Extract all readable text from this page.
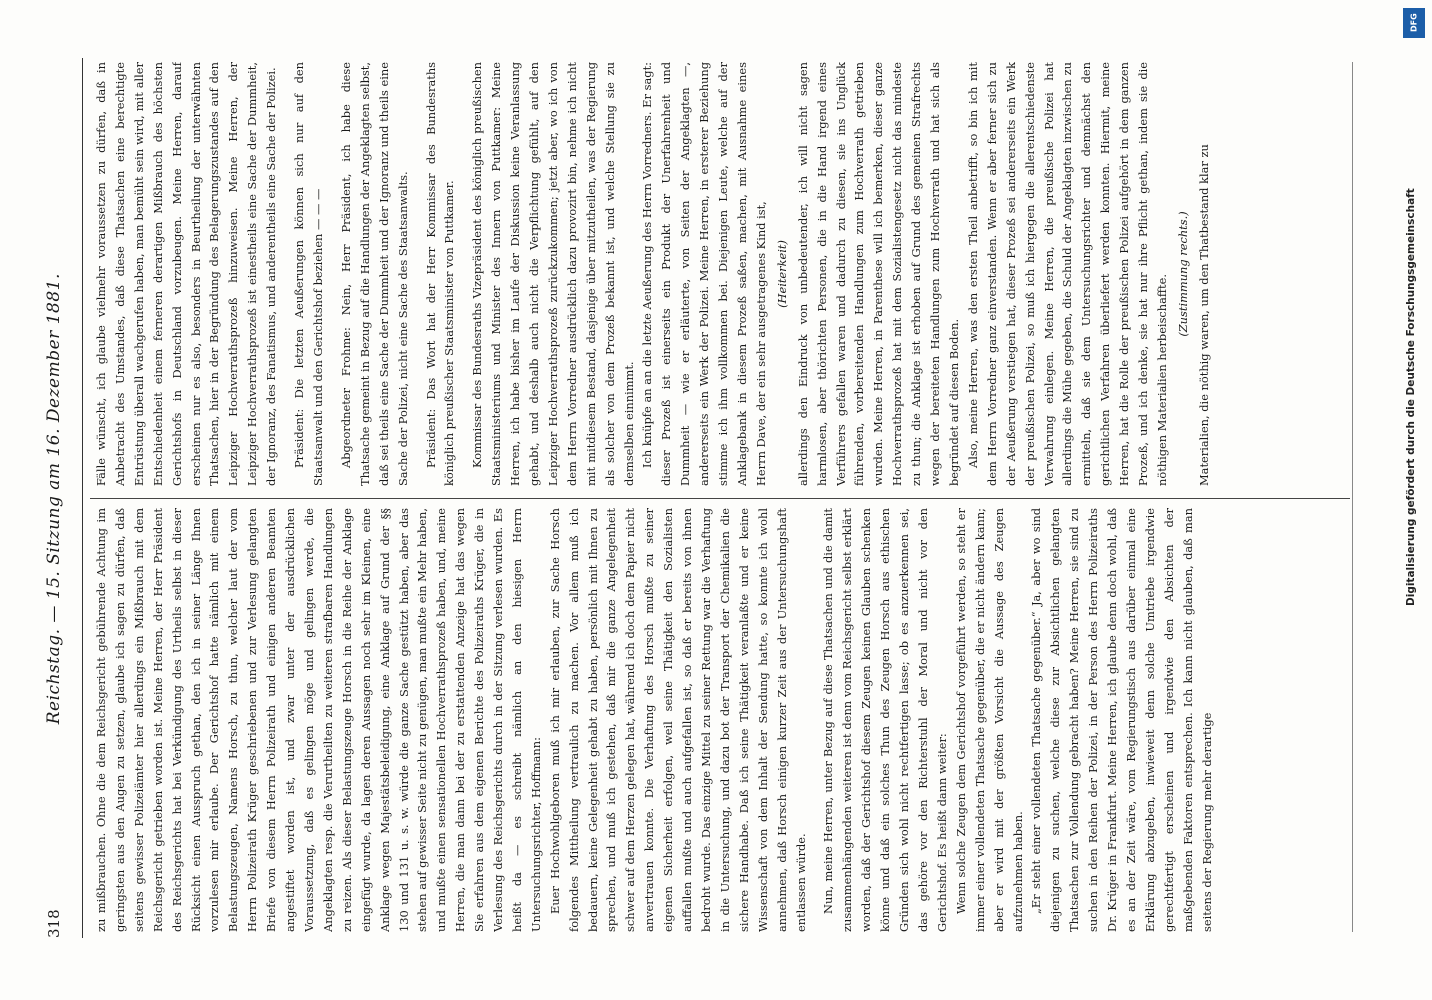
318
Reichstag. — 15. Sitzung am 16. Dezember 1881.	zu mißbrauchen. Ohne die dem Reichsgericht gebührende Achtung im geringsten aus den Augen zu setzen, glaube ich sagen zu dürfen, daß seitens gewisser Polizeiämter hier allerdings ein Mißbrauch mit dem Reichsgericht getrieben worden ist. Meine Herren, der Herr Präsident des Reichsgerichts hat bei Verkündigung des Urtheils selbst in dieser Rücksicht einen Ausspruch gethan, den ich in seiner Länge Ihnen vorzulesen mir erlaube. Der Gerichtshof hatte nämlich mit einem Belastungszeugen, Namens Horsch, zu thun, welcher laut der vom Herrn Polizeirath Krüger geschriebenen und zur Verlesung gelangten Briefe von diesem Herrn Polizeirath und einigen anderen Beamten angestiftet worden ist, und zwar unter der ausdrücklichen Voraussetzung, daß es gelingen möge und gelingen werde, die Angeklagten resp. die Verurtheilten zu weiteren strafbaren Handlungen zu reizen. Als dieser Belastungszeuge Horsch in die Reihe der Anklage eingefügt wurde, da lagen deren Aussagen noch sehr im Kleinen, eine Anklage wegen Majestätsbeleidigung, eine Anklage auf Grund der §§ 130 und 131 u. s. w. würde die ganze Sache gestützt haben, aber das stehen auf gewisser Seite nicht zu genügen, man mußte ein Mehr haben, und mußte einen sensationellen Hochverrathsprozeß haben, und, meine Herren, die man dann bei der zu erstattenden Anzeige hat das wegen Sie erfahren aus dem eigenen Berichte des Polizeiraths Krüger, die in Verlesung des Reichsgerichts durch in der Sitzung verlesen wurden. Es heißt da — es schreibt nämlich an den hiesigen Herrn Untersuchungsrichter, Hoffmann: Euer Hochwohlgeboren muß ich mir erlauben, zur Sache Horsch folgendes Mittheilung vertraulich zu machen. Vor allem muß ich bedauern, keine Gelegenheit gehabt zu haben, persönlich mit Ihnen zu sprechen, und muß ich gestehen, daß mir die ganze Angelegenheit schwer auf dem Herzen gelegen hat, während ich doch dem Papier nicht anvertrauen konnte. Die Verhaftung des Horsch mußte zu seiner eigenen Sicherheit erfolgen, weil seine Thätigkeit den Sozialisten auffallen mußte und auch aufgefallen ist, so daß er bereits von ihnen bedroht wurde. Das einzige Mittel zu seiner Rettung war die Verhaftung in die Untersuchung, und dazu bot der Transport der Chemikalien die sichere Handhabe. Daß ich seine Thätigkeit veranlaßte und er keine Wissenschaft von dem Inhalt der Sendung hatte, so konnte ich wohl annehmen, daß Horsch einigen kurzer Zeit aus der Untersuchungshaft entlassen würde. Nun, meine Herren, unter Bezug auf diese Thatsachen und die damit zusammenhängenden weiteren ist denn vom Reichsgericht selbst erklärt worden, daß der Gerichtshof diesem Zeugen keinen Glauben schenken könne und daß ein solches Thun des Zeugen Horsch aus ethischen Gründen sich wohl nicht rechtfertigen lasse; ob es anzuerkennen sei, das gehöre vor den Richterstuhl der Moral und nicht vor den Gerichtshof. Es heißt dann weiter: Wenn solche Zeugen dem Gerichtshof vorgeführt werden, so steht er immer einer vollendeten Thatsache gegenüber, die er nicht ändern kann; aber er wird mit der größten Vorsicht die Aussage des Zeugen aufzunehmen haben. „Er steht einer vollendeten Thatsache gegenüber.“ Ja, aber wo sind diejenigen zu suchen, welche diese zur Absichtlichen gelangten Thatsachen zur Vollendung gebracht haben? Meine Herren, sie sind zu suchen in den Reihen der Polizei, in der Person des Herrn Polizeiraths Dr. Krüger in Frankfurt. Meine Herren, ich glaube denn doch wohl, daß es an der Zeit wäre, vom Regierungstisch aus darüber einmal eine Erklärung abzugeben, inwieweit denn solche Umtriebe irgendwie gerechtfertigt erscheinen und irgendwie den Absichten der maßgebenden Faktoren entsprechen. Ich kann nicht glauben, daß man seitens der Regierung mehr derartige

Fälle wünscht, ich glaube vielmehr voraussetzen zu dürfen, daß in Anbetracht des Umstandes, daß diese Thatsachen eine berechtigte Entrüstung überall wachgerufen haben, man bemüht sein wird, mit aller Entschiedenheit einem ferneren derartigen Mißbrauch des höchsten Gerichtshofs in Deutschland vorzubeugen. Meine Herren, darauf erscheinen nur es also, besonders in Beurtheilung der unterwähnten Thatsachen, hier in der Begründung des Belagerungszustandes auf den Leipziger Hochverrathsprozeß hinzuweisen. Meine Herren, der Leipziger Hochverrathsprozeß ist einestheils eine Sache der Dummheit, der Ignoranz, des Fanatismus, und anderentheils eine Sache der Polizei. Präsident: Die letzten Aeußerungen können sich nur auf den Staatsanwalt und den Gerichtshof beziehen — — — Abgeordneter Frohme: Nein, Herr Präsident, ich habe diese Thatsache gemeint in Bezug auf die Handlungen der Angeklagten selbst, daß sei theils eine Sache der Dummheit und der Ignoranz und theils eine Sache der Polizei, nicht eine Sache des Staatsanwalts. Präsident: Das Wort hat der Herr Kommissar des Bundesraths königlich preußischer Staatsminister von Puttkamer. Kommissar des Bundesraths Vizepräsident des königlich preußischen Staatsministeriums und Minister des Innern von Puttkamer: Meine Herren, ich habe bisher im Laufe der Diskussion keine Veranlassung gehabt, und deshalb auch nicht die Verpflichtung gefühlt, auf den Leipziger Hochverrathsprozeß zurückzukommen; jetzt aber, wo ich von dem Herrn Vorredner ausdrücklich dazu provozirt bin, nehme ich nicht mit mitdiesem Bestand, dasjenige über mitzutheilen, was der Regierung als solcher von dem Prozeß bekannt ist, und welche Stellung sie zu demselben einnimmt. Ich knüpfe an an die letzte Aeußerung des Herrn Vorredners. Er sagt: dieser Prozeß ist einerseits ein Produkt der Unerfahrenheit und Dummheit — wie er erläuterte, von Seiten der Angeklagten —, andererseits ein Werk der Polizei. Meine Herren, in ersterer Beziehung stimme ich ihm vollkommen bei. Diejenigen Leute, welche auf der Anklagebank in diesem Prozeß saßen, machen, mit Ausnahme eines Herrn Dave, der ein sehr ausgetragenes Kind ist, (Heiterkeit) allerdings den Eindruck von unbedeutender, ich will nicht sagen harmlosen, aber thörichten Personen, die in die Hand irgend eines Verführers gefallen waren und dadurch zu diesen, sie ins Unglück führenden, vorbereitenden Handlungen zum Hochverrath getrieben wurden. Meine Herren, in Parenthese will ich bemerken, dieser ganze Hochverrathsprozeß hat mit dem Sozialistengesetz nicht das mindeste zu thun; die Anklage ist erhoben auf Grund des gemeinen Strafrechts wegen der bereiteten Handlungen zum Hochverrath und hat sich als begründet auf diesen Boden. Also, meine Herren, was den ersten Theil anbetrifft, so bin ich mit dem Herrn Vorredner ganz einverstanden. Wenn er aber ferner sich zu der Aeußerung verstiegen hat, dieser Prozeß sei andererseits ein Werk der preußischen Polizei, so muß ich hiergegen die allerentschiedenste Verwahrung einlegen. Meine Herren, die preußische Polizei hat allerdings die Mühe gegeben, die Schuld der Angeklagten inzwischen zu ermitteln, daß sie dem Untersuchungsrichter und demnächst den gerichtlichen Verfahren überliefert werden konnten. Hiermit, meine Herren, hat die Rolle der preußischen Polizei aufgehört in dem ganzen Prozeß, und ich denke, sie hat nur ihre Pflicht gethan, indem sie die nöthigen Materialien herbeischaffte.

(Zustimmung rechts.) Materialien, die nöthig waren, um den Thatbestand klar zu

DFG
Digitalisierung gefördert durch die Deutsche Forschungsgemeinschaft
